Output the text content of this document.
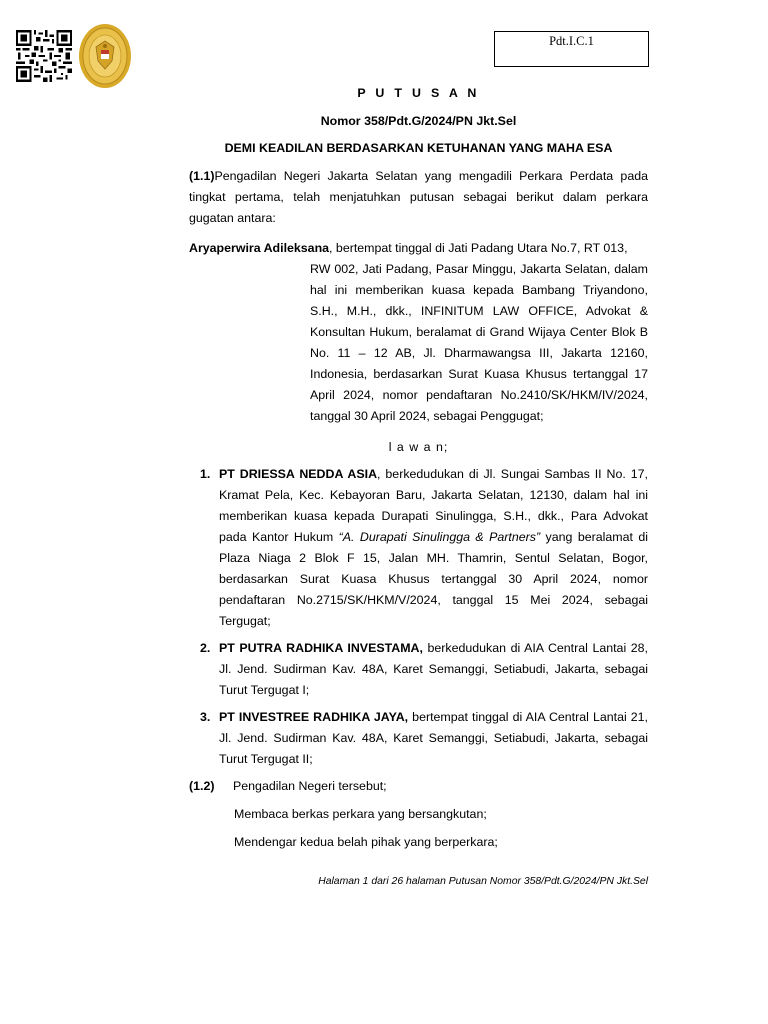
Pdt.I.C.1
P U T U S A N
Nomor 358/Pdt.G/2024/PN Jkt.Sel
DEMI KEADILAN BERDASARKAN KETUHANAN YANG MAHA ESA

(1.1)Pengadilan Negeri Jakarta Selatan yang mengadili Perkara Perdata pada tingkat pertama, telah menjatuhkan putusan sebagai berikut dalam perkara gugatan antara:

Aryaperwira Adileksana, bertempat tinggal di Jati Padang Utara No.7, RT 013,

RW 002, Jati Padang, Pasar Minggu, Jakarta Selatan, dalam hal ini memberikan kuasa kepada Bambang Triyandono, S.H., M.H., dkk., INFINITUM LAW OFFICE, Advokat & Konsultan Hukum, beralamat di Grand Wijaya Center Blok B No. 11 – 12 AB, Jl. Dharmawangsa III, Jakarta 12160, Indonesia, berdasarkan Surat Kuasa Khusus tertanggal 17 April 2024, nomor pendaftaran No.2410/SK/HKM/IV/2024, tanggal 30 April 2024, sebagai Penggugat;

l a w a n;
1. PT DRIESSA NEDDA ASIA, berkedudukan di Jl. Sungai Sambas II No. 17, Kramat Pela, Kec. Kebayoran Baru, Jakarta Selatan, 12130, dalam hal ini memberikan kuasa kepada Durapati Sinulingga, S.H., dkk., Para Advokat pada Kantor Hukum “A. Durapati Sinulingga & Partners” yang beralamat di Plaza Niaga 2 Blok F 15, Jalan MH. Thamrin, Sentul Selatan, Bogor, berdasarkan Surat Kuasa Khusus tertanggal 30 April 2024, nomor pendaftaran No.2715/SK/HKM/V/2024, tanggal 15 Mei 2024, sebagai Tergugat;

2. PT PUTRA RADHIKA INVESTAMA, berkedudukan di AIA Central Lantai 28, Jl. Jend. Sudirman Kav. 48A, Karet Semanggi, Setiabudi, Jakarta, sebagai Turut Tergugat I;

3. PT INVESTREE RADHIKA JAYA, bertempat tinggal di AIA Central Lantai 21, Jl. Jend. Sudirman Kav. 48A, Karet Semanggi, Setiabudi, Jakarta, sebagai Turut Tergugat II;

(1.2) Pengadilan Negeri tersebut;
Membaca berkas perkara yang bersangkutan;
Mendengar kedua belah pihak yang berperkara;
Halaman 1 dari 26 halaman Putusan Nomor 358/Pdt.G/2024/PN Jkt.Sel
